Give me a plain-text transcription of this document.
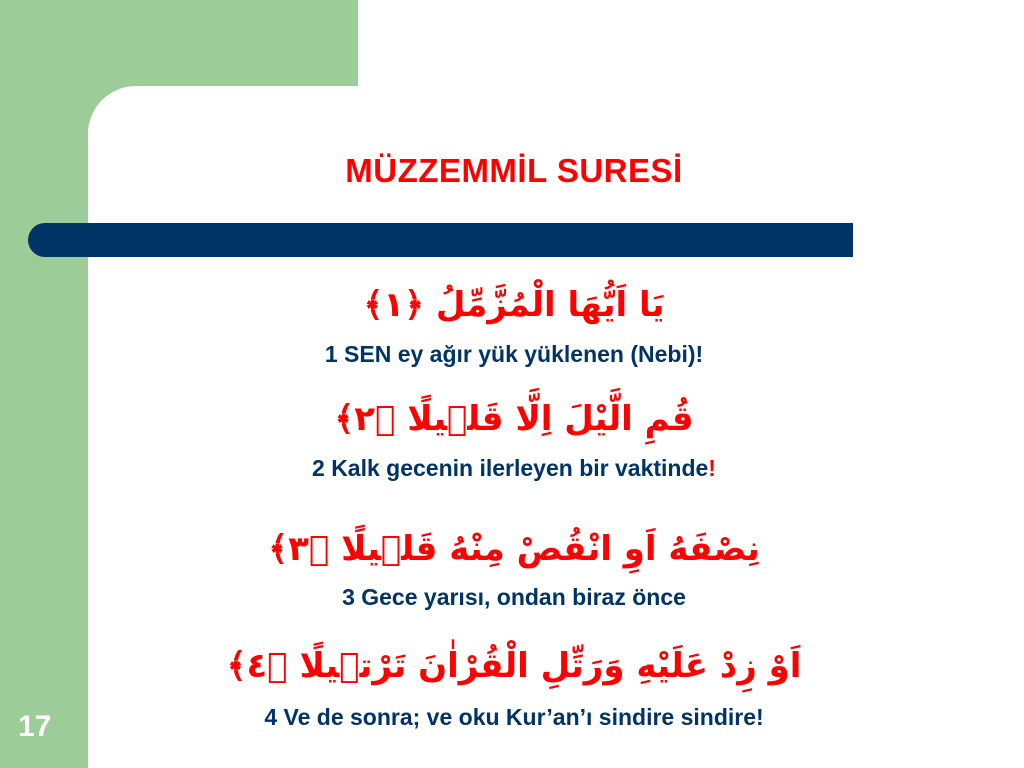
MÜZZEMMİL SURESİ
يَا اَيُّهَا الْمُزَّمِّلُ ﴿١﴾
1 SEN ey ağır yük yüklenen (Nebi)!
قُمِ الَّيْلَ اِلَّا قَلٖيلًا ﴿٢﴾
2 Kalk gecenin ilerleyen bir vaktinde!
نِصْفَهُ اَوِ انْقُصْ مِنْهُ قَلٖيلًا ﴿٣﴾
3 Gece yarısı, ondan biraz önce
اَوْ زِدْ عَلَيْهِ وَرَتِّلِ الْقُرْاٰنَ تَرْتٖيلًا ﴿٤﴾
4 Ve de sonra; ve oku Kur’an’ı sindire sindire!
17
